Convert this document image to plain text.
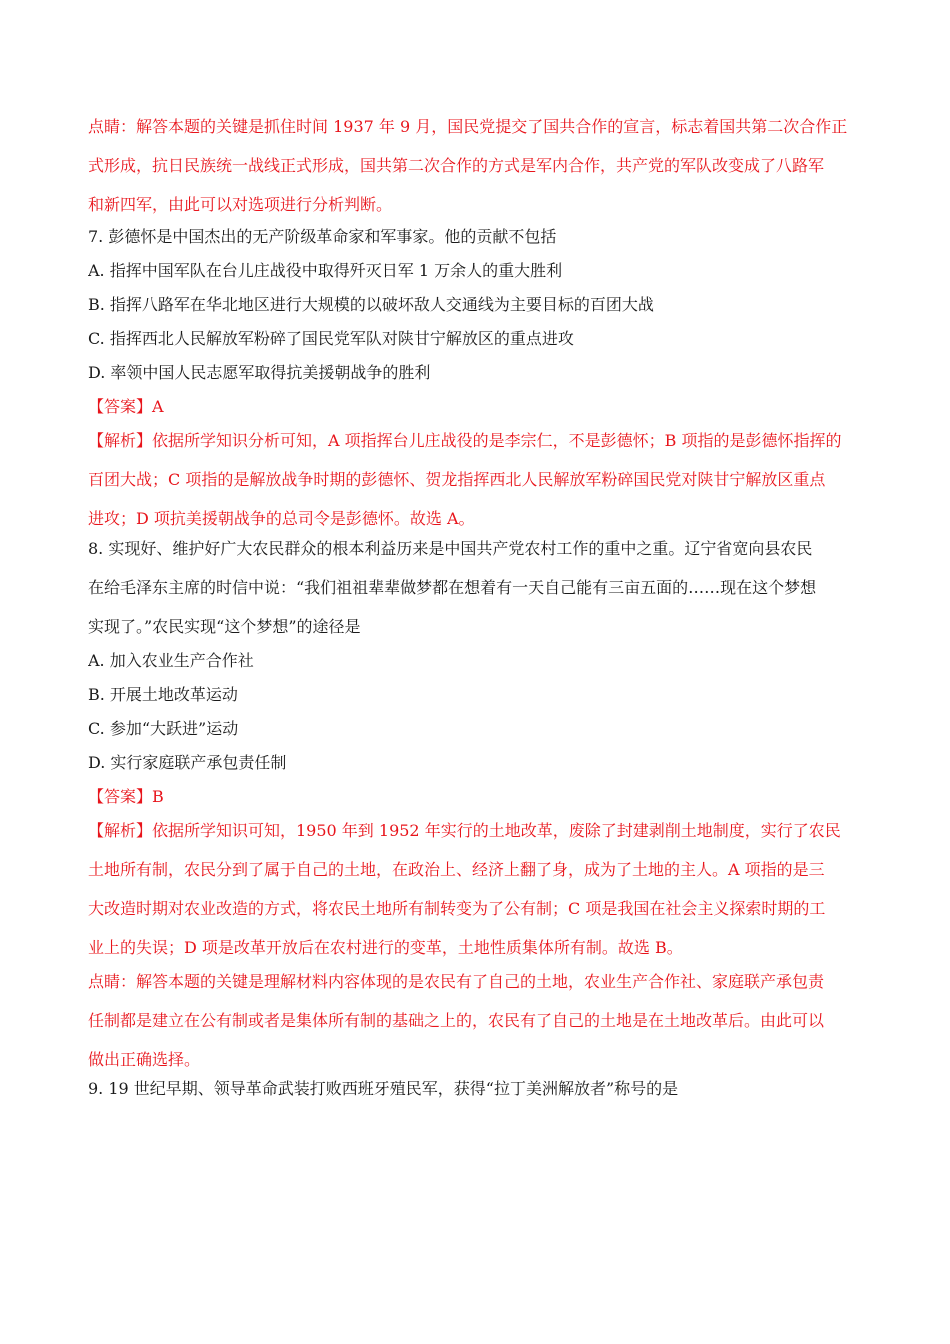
点睛：解答本题的关键是抓住时间 1937 年 9 月，国民党提交了国共合作的宣言，标志着国共第二次合作正
式形成，抗日民族统一战线正式形成，国共第二次合作的方式是军内合作，共产党的军队改变成了八路军
和新四军，由此可以对选项进行分析判断。
7. 彭德怀是中国杰出的无产阶级革命家和军事家。他的贡献不包括
A. 指挥中国军队在台儿庄战役中取得歼灭日军 1 万余人的重大胜利
B. 指挥八路军在华北地区进行大规模的以破坏敌人交通线为主要目标的百团大战
C. 指挥西北人民解放军粉碎了国民党军队对陕甘宁解放区的重点进攻
D. 率领中国人民志愿军取得抗美援朝战争的胜利
【答案】A
【解析】依据所学知识分析可知，A 项指挥台儿庄战役的是李宗仁，不是彭德怀；B 项指的是彭德怀指挥的
百团大战；C 项指的是解放战争时期的彭德怀、贺龙指挥西北人民解放军粉碎国民党对陕甘宁解放区重点
进攻；D 项抗美援朝战争的总司令是彭德怀。故选 A。
8. 实现好、维护好广大农民群众的根本利益历来是中国共产党农村工作的重中之重。辽宁省宽向县农民
在给毛泽东主席的时信中说：“我们祖祖辈辈做梦都在想着有一天自己能有三亩五面的……现在这个梦想
实现了。”农民实现“这个梦想”的途径是
A. 加入农业生产合作社
B. 开展土地改革运动
C. 参加“大跃进”运动
D. 实行家庭联产承包责任制
【答案】B
【解析】依据所学知识可知，1950 年到 1952 年实行的土地改革，废除了封建剥削土地制度，实行了农民
土地所有制，农民分到了属于自己的土地，在政治上、经济上翻了身，成为了土地的主人。A 项指的是三
大改造时期对农业改造的方式，将农民土地所有制转变为了公有制；C 项是我国在社会主义探索时期的工
业上的失误；D 项是改革开放后在农村进行的变革，土地性质集体所有制。故选 B。
点睛：解答本题的关键是理解材料内容体现的是农民有了自己的土地，农业生产合作社、家庭联产承包责
任制都是建立在公有制或者是集体所有制的基础之上的，农民有了自己的土地是在土地改革后。由此可以
做出正确选择。
9. 19 世纪早期、领导革命武装打败西班牙殖民军，获得“拉丁美洲解放者”称号的是
